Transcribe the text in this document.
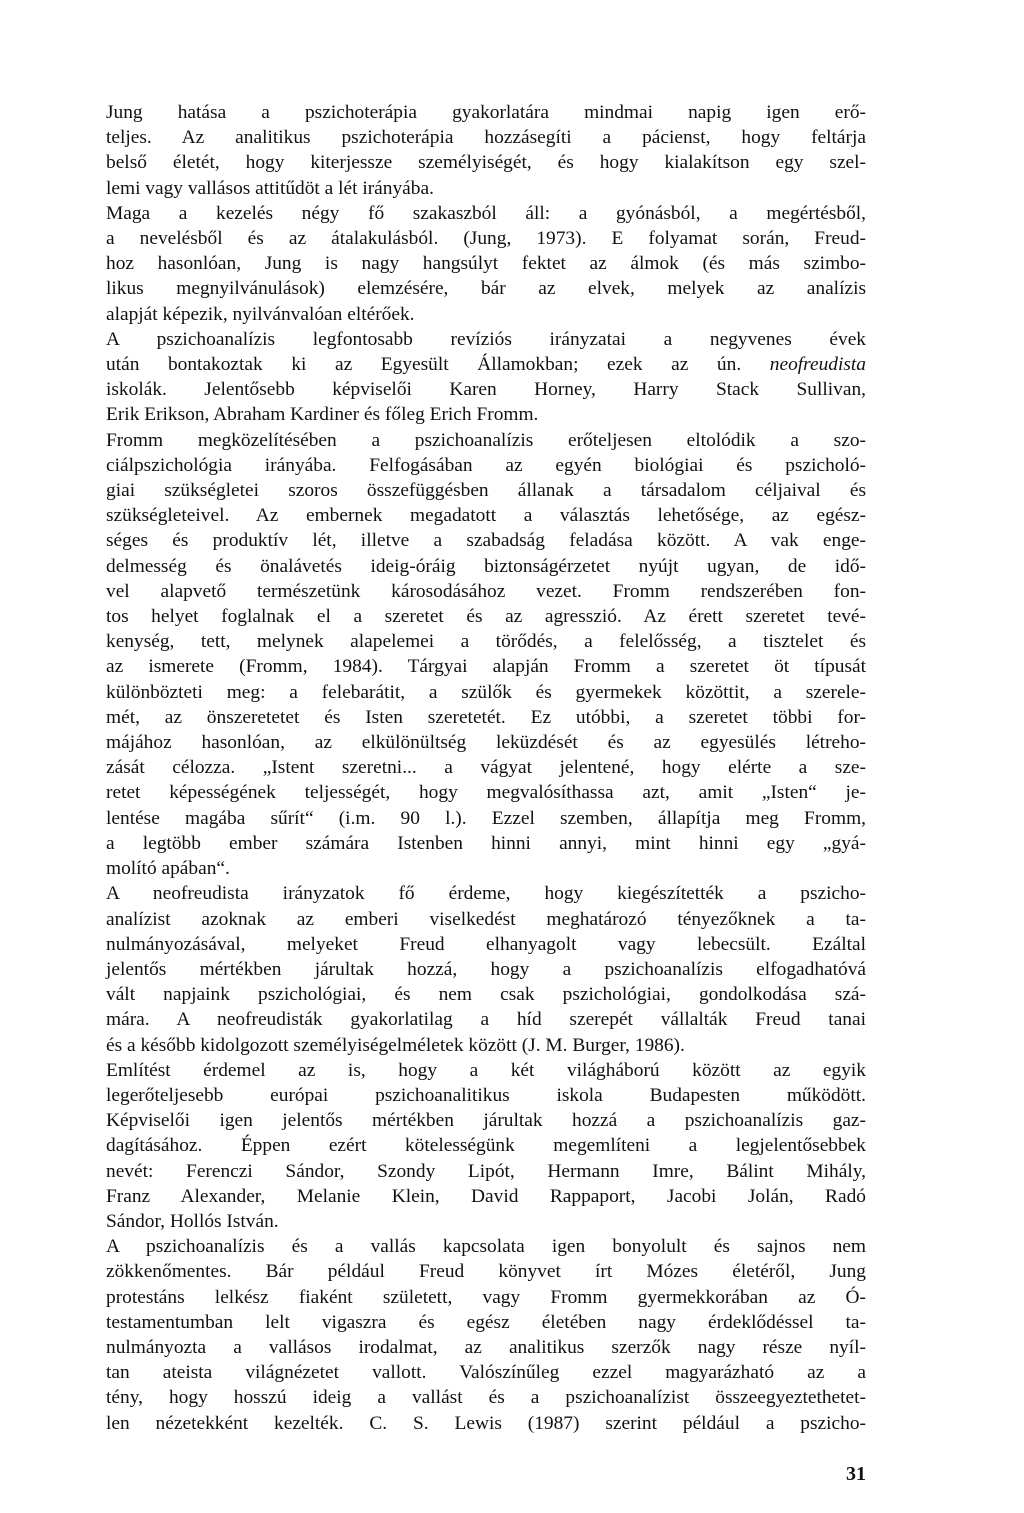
Jung hatása a pszichoterápia gyakorlatára mindmai napig igen erő-
teljes. Az analitikus pszichoterápia hozzásegíti a pácienst, hogy feltárja
belső életét, hogy kiterjessze személyiségét, és hogy kialakítson egy szel-
lemi vagy vallásos attitűdöt a lét irányába.
Maga a kezelés négy fő szakaszból áll: a gyónásból, a megértésből,
a nevelésből és az átalakulásból. (Jung, 1973). E folyamat során, Freud-
hoz hasonlóan, Jung is nagy hangsúlyt fektet az álmok (és más szimbo-
likus megnyilvánulások) elemzésére, bár az elvek, melyek az analízis
alapját képezik, nyilvánvalóan eltérőek.
A pszichoanalízis legfontosabb revíziós irányzatai a negyvenes évek
után bontakoztak ki az Egyesült Államokban; ezek az ún. neofreudista
iskolák. Jelentősebb képviselői Karen Horney, Harry Stack Sullivan,
Erik Erikson, Abraham Kardiner és főleg Erich Fromm.
Fromm megközelítésében a pszichoanalízis erőteljesen eltolódik a szo-
ciálpszichológia irányába. Felfogásában az egyén biológiai és pszicholó-
giai szükségletei szoros összefüggésben állanak a társadalom céljaival és
szükségleteivel. Az embernek megadatott a választás lehetősége, az egész-
séges és produktív lét, illetve a szabadság feladása között. A vak enge-
delmesség és önalávetés ideig-óráig biztonságérzetet nyújt ugyan, de idő-
vel alapvető természetünk károsodásához vezet. Fromm rendszerében fon-
tos helyet foglalnak el a szeretet és az agresszió. Az érett szeretet tevé-
kenység, tett, melynek alapelemei a törődés, a felelősség, a tisztelet és
az ismerete (Fromm, 1984). Tárgyai alapján Fromm a szeretet öt típusát
különbözteti meg: a felebarátit, a szülők és gyermekek közöttit, a szerele-
mét, az önszeretetet és Isten szeretetét. Ez utóbbi, a szeretet többi for-
májához hasonlóan, az elkülönültség leküzdését és az egyesülés létreho-
zását célozza. „Istent szeretni... a vágyat jelentené, hogy elérte a sze-
retet képességének teljességét, hogy megvalósíthassa azt, amit „Isten“ je-
lentése magába sűrít“ (i.m. 90 l.). Ezzel szemben, állapítja meg Fromm,
a legtöbb ember számára Istenben hinni annyi, mint hinni egy „gyá-
molító apában“.
A neofreudista irányzatok fő érdeme, hogy kiegészítették a pszicho-
analízist azoknak az emberi viselkedést meghatározó tényezőknek a ta-
nulmányozásával, melyeket Freud elhanyagolt vagy lebecsült. Ezáltal
jelentős mértékben járultak hozzá, hogy a pszichoanalízis elfogadhatóvá
vált napjaink pszichológiai, és nem csak pszichológiai, gondolkodása szá-
mára. A neofreudisták gyakorlatilag a híd szerepét vállalták Freud tanai
és a később kidolgozott személyiségelméletek között (J. M. Burger, 1986).
Említést érdemel az is, hogy a két világháború között az egyik
legerőteljesebb európai pszichoanalitikus iskola Budapesten működött.
Képviselői igen jelentős mértékben járultak hozzá a pszichoanalízis gaz-
dagításához. Éppen ezért kötelességünk megemlíteni a legjelentősebbek
nevét: Ferenczi Sándor, Szondy Lipót, Hermann Imre, Bálint Mihály,
Franz Alexander, Melanie Klein, David Rappaport, Jacobi Jolán, Radó
Sándor, Hollós István.
A pszichoanalízis és a vallás kapcsolata igen bonyolult és sajnos nem
zökkenőmentes. Bár például Freud könyvet írt Mózes életéről, Jung
protestáns lelkész fiaként született, vagy Fromm gyermekkorában az Ó-
testamentumban lelt vigaszra és egész életében nagy érdeklődéssel ta-
nulmányozta a vallásos irodalmat, az analitikus szerzők nagy része nyíl-
tan ateista világnézetet vallott. Valószínűleg ezzel magyarázható az a
tény, hogy hosszú ideig a vallást és a pszichoanalízist összeegyeztethetet-
len nézetekként kezelték. C. S. Lewis (1987) szerint például a pszicho-
31
